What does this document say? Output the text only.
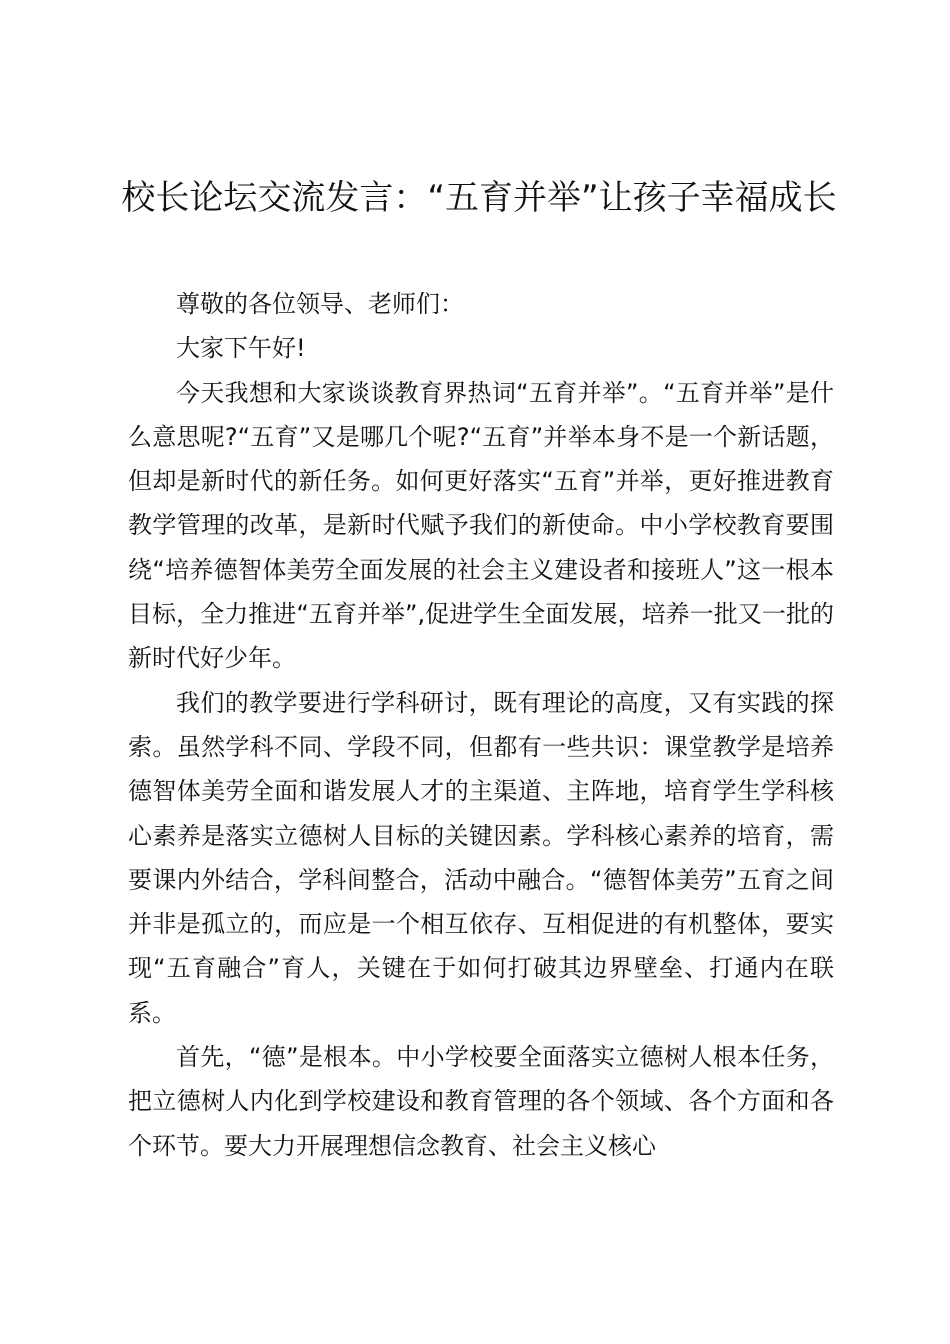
校长论坛交流发言：“五育并举”让孩子幸福成长

尊敬的各位领导、老师们：

大家下午好!

今天我想和大家谈谈教育界热词“五育并举”。“五育并举”是什么意思呢?“五育”又是哪几个呢?“五育”并举本身不是一个新话题，但却是新时代的新任务。如何更好落实“五育”并举，更好推进教育教学管理的改革，是新时代赋予我们的新使命。中小学校教育要围绕“培养德智体美劳全面发展的社会主义建设者和接班人”这一根本目标，全力推进“五育并举”,促进学生全面发展，培养一批又一批的新时代好少年。

我们的教学要进行学科研讨，既有理论的高度，又有实践的探索。虽然学科不同、学段不同，但都有一些共识：课堂教学是培养德智体美劳全面和谐发展人才的主渠道、主阵地，培育学生学科核心素养是落实立德树人目标的关键因素。学科核心素养的培育，需要课内外结合，学科间整合，活动中融合。“德智体美劳”五育之间并非是孤立的，而应是一个相互依存、互相促进的有机整体，要实现“五育融合”育人，关键在于如何打破其边界壁垒、打通内在联系。

首先，“德”是根本。中小学校要全面落实立德树人根本任务，把立德树人内化到学校建设和教育管理的各个领域、各个方面和各个环节。要大力开展理想信念教育、社会主义核心
